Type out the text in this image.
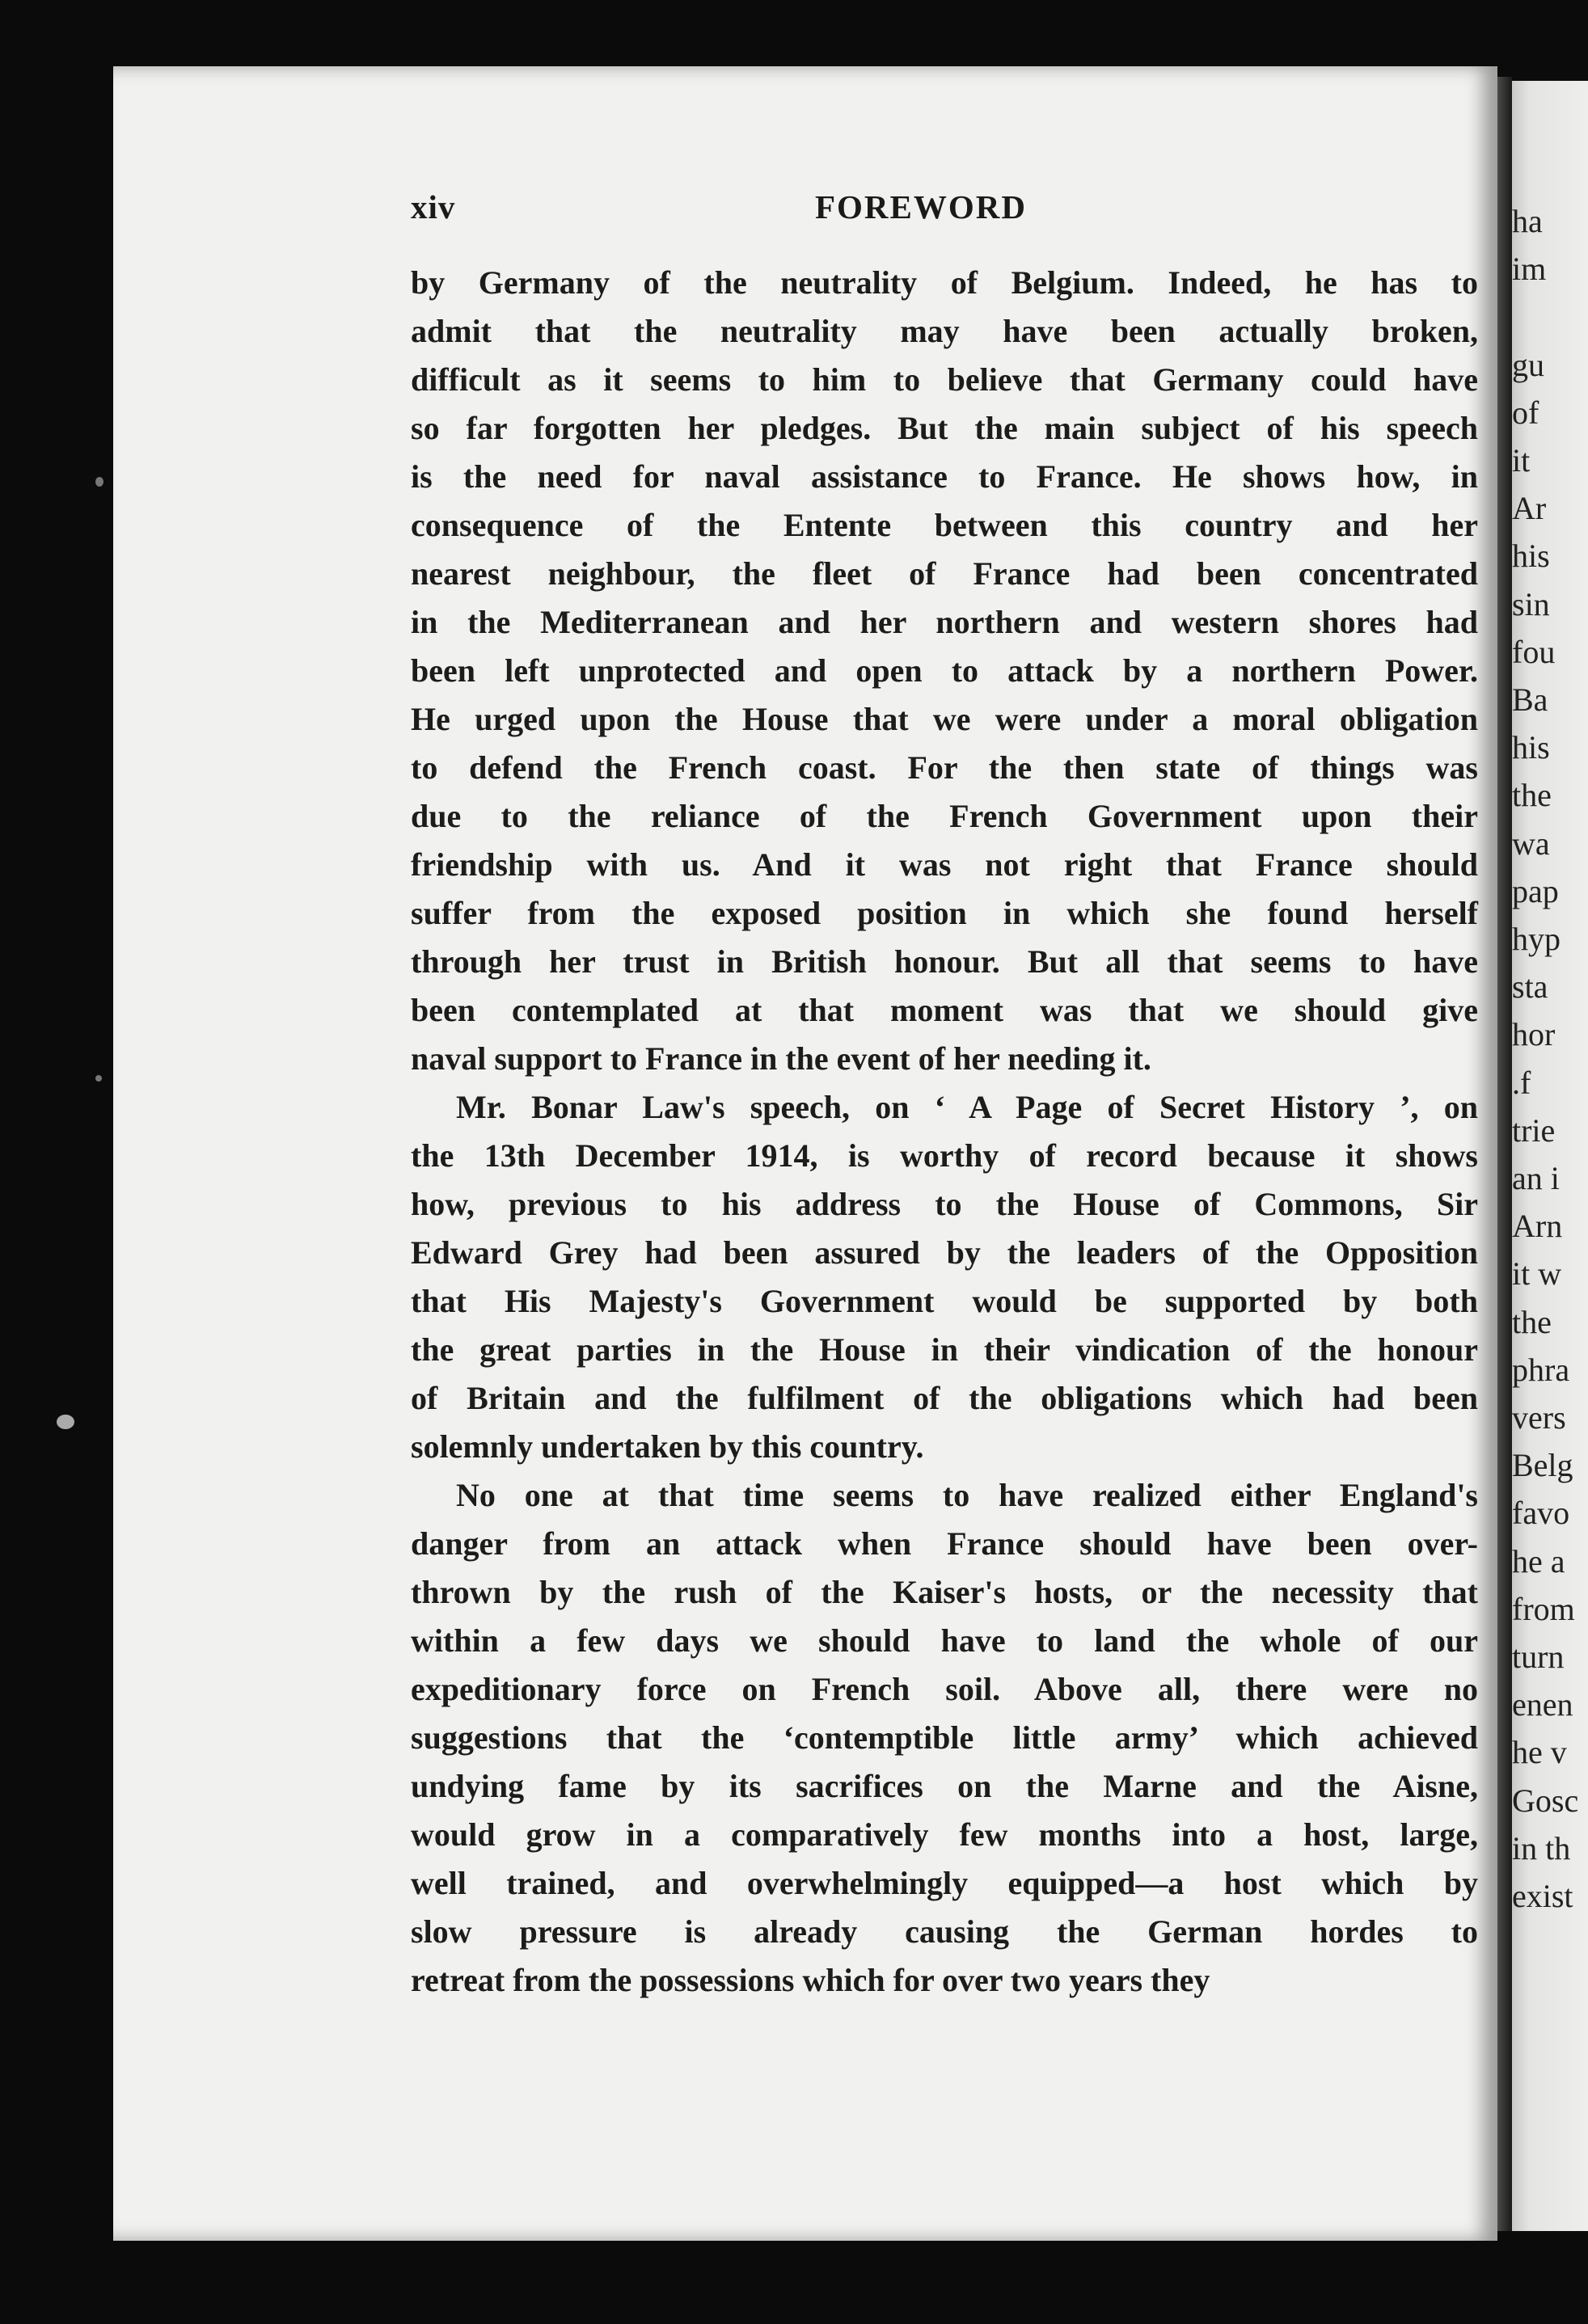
ha
im
gu
of
it
Ar
his
sin
fou
Ba
his
the
wa
pap
hyp
sta
hor
.f
trie
an i
Arn
it w
the
phra
vers
Belg
favo
he a
from
turn
enen
he v
Gosc
in th
exist
xiv	FOREWORD
by Germany of the neutrality of Belgium. Indeed, he has to
admit that the neutrality may have been actually broken,
difficult as it seems to him to believe that Germany could have
so far forgotten her pledges. But the main subject of his speech
is the need for naval assistance to France. He shows how, in
consequence of the Entente between this country and her
nearest neighbour, the fleet of France had been concentrated
in the Mediterranean and her northern and western shores had
been left unprotected and open to attack by a northern Power.
He urged upon the House that we were under a moral obligation
to defend the French coast. For the then state of things was
due to the reliance of the French Government upon their
friendship with us. And it was not right that France should
suffer from the exposed position in which she found herself
through her trust in British honour. But all that seems to have
been contemplated at that moment was that we should give
naval support to France in the event of her needing it.
Mr. Bonar Law's speech, on ‘ A Page of Secret History ’, on
the 13th December 1914, is worthy of record because it shows
how, previous to his address to the House of Commons, Sir
Edward Grey had been assured by the leaders of the Opposition
that His Majesty's Government would be supported by both
the great parties in the House in their vindication of the honour
of Britain and the fulfilment of the obligations which had been
solemnly undertaken by this country.
No one at that time seems to have realized either England's
danger from an attack when France should have been over-
thrown by the rush of the Kaiser's hosts, or the necessity that
within a few days we should have to land the whole of our
expeditionary force on French soil. Above all, there were no
suggestions that the ‘contemptible little army’ which achieved
undying fame by its sacrifices on the Marne and the Aisne,
would grow in a comparatively few months into a host, large,
well trained, and overwhelmingly equipped—a host which by
slow pressure is already causing the German hordes to
retreat from the possessions which for over two years they
